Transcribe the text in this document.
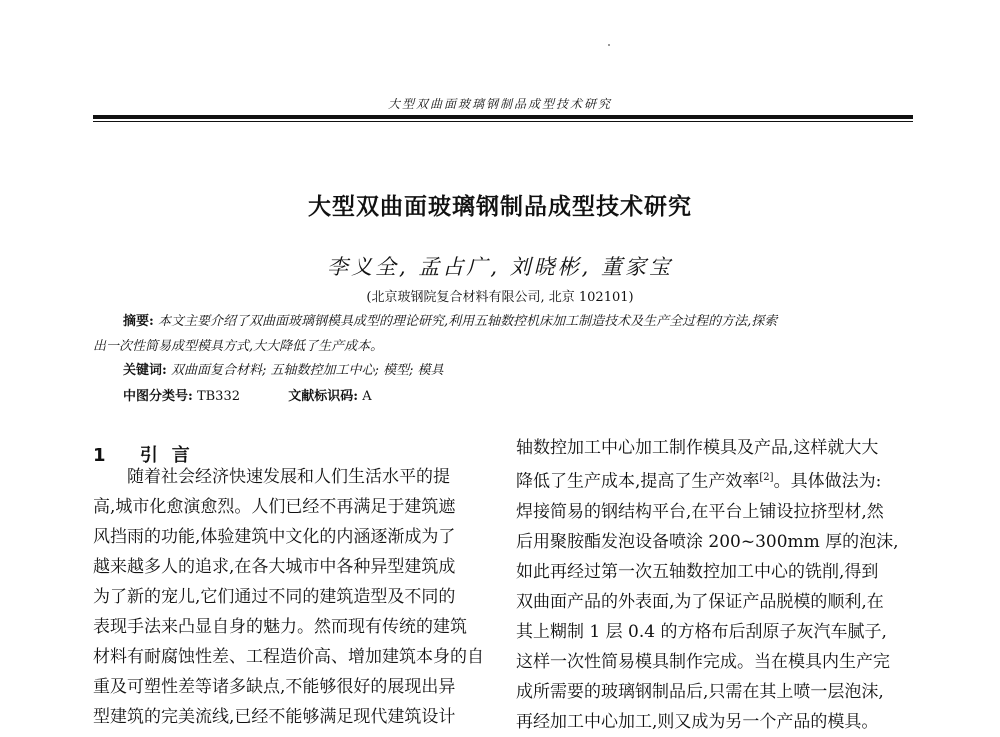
大型双曲面玻璃钢制品成型技术研究
大型双曲面玻璃钢制品成型技术研究
李义全, 孟占广, 刘晓彬, 董家宝
(北京玻钢院复合材料有限公司, 北京 102101)
摘要: 本文主要介绍了双曲面玻璃钢模具成型的理论研究,利用五轴数控机床加工制造技术及生产全过程的方法,探索
出一次性简易成型模具方式,大大降低了生产成本。
关键词: 双曲面复合材料; 五轴数控加工中心; 模型; 模具
中图分类号: TB332	文献标识码: A
1 引言
随着社会经济快速发展和人们生活水平的提
高,城市化愈演愈烈。人们已经不再满足于建筑遮
风挡雨的功能,体验建筑中文化的内涵逐渐成为了
越来越多人的追求,在各大城市中各种异型建筑成
为了新的宠儿,它们通过不同的建筑造型及不同的
表现手法来凸显自身的魅力。然而现有传统的建筑
材料有耐腐蚀性差、工程造价高、增加建筑本身的自
重及可塑性差等诸多缺点,不能够很好的展现出异
型建筑的完美流线,已经不能够满足现代建筑设计
轴数控加工中心加工制作模具及产品,这样就大大
降低了生产成本,提高了生产效率[2]。具体做法为:
焊接简易的钢结构平台,在平台上铺设拉挤型材,然
后用聚胺酯发泡设备喷涂 200~300mm 厚的泡沫,
如此再经过第一次五轴数控加工中心的铣削,得到
双曲面产品的外表面,为了保证产品脱模的顺利,在
其上糊制 1 层 0.4 的方格布后刮原子灰汽车腻子,
这样一次性简易模具制作完成。当在模具内生产完
成所需要的玻璃钢制品后,只需在其上喷一层泡沫,
再经加工中心加工,则又成为另一个产品的模具。
